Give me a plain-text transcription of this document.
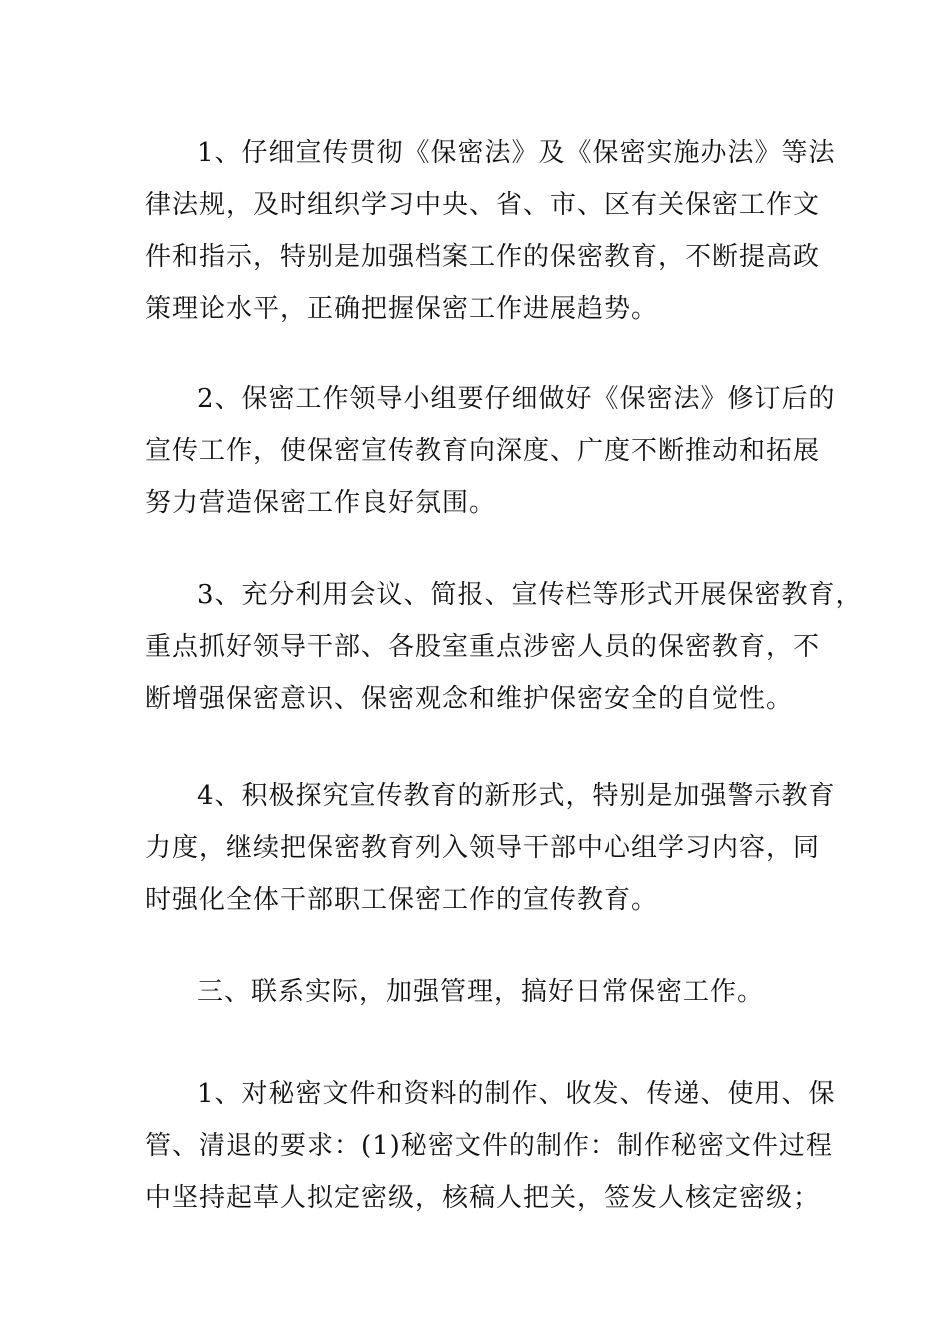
1、仔细宣传贯彻《保密法》及《保密实施办法》等法
律法规，及时组织学习中央、省、市、区有关保密工作文
件和指示，特别是加强档案工作的保密教育，不断提高政
策理论水平，正确把握保密工作进展趋势。
2、保密工作领导小组要仔细做好《保密法》修订后的
宣传工作，使保密宣传教育向深度、广度不断推动和拓展
努力营造保密工作良好氛围。
3、充分利用会议、简报、宣传栏等形式开展保密教育，
重点抓好领导干部、各股室重点涉密人员的保密教育，不
断增强保密意识、保密观念和维护保密安全的自觉性。
4、积极探究宣传教育的新形式，特别是加强警示教育
力度，继续把保密教育列入领导干部中心组学习内容，同
时强化全体干部职工保密工作的宣传教育。
三、联系实际，加强管理，搞好日常保密工作。
1、对秘密文件和资料的制作、收发、传递、使用、保
管、清退的要求：(1)秘密文件的制作：制作秘密文件过程
中坚持起草人拟定密级，核稿人把关，签发人核定密级；
